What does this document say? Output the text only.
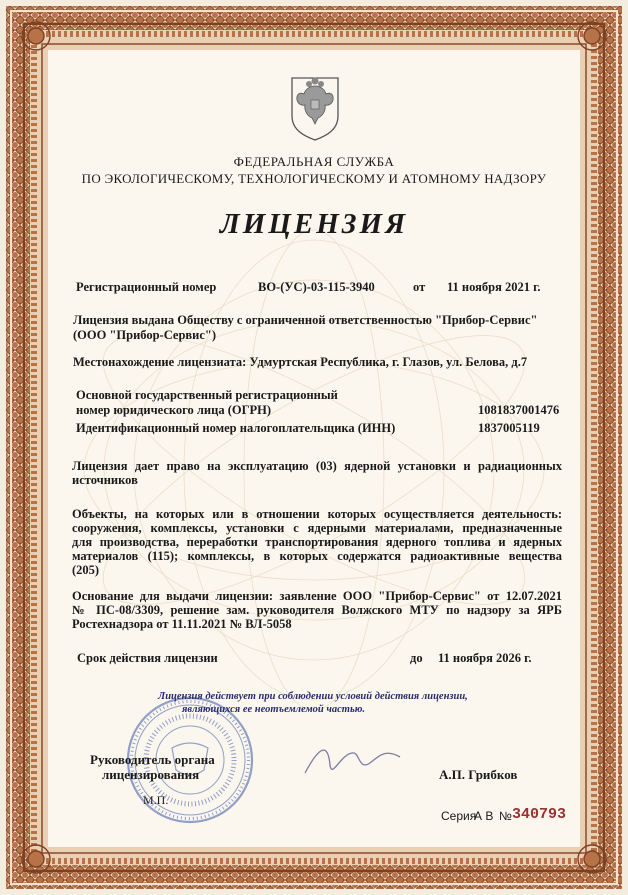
ФЕДЕРАЛЬНАЯ СЛУЖБА
ПО ЭКОЛОГИЧЕСКОМУ, ТЕХНОЛОГИЧЕСКОМУ И АТОМНОМУ НАДЗОРУ
ЛИЦЕНЗИЯ
Регистрационный номер	ВО-(УС)-03-115-3940	от 11 ноября 2021 г.
Лицензия выдана Обществу с ограниченной ответственностью "Прибор-Сервис"
(ООО "Прибор-Сервис")
Местонахождение лицензиата: Удмуртская Республика, г. Глазов, ул. Белова, д.7
Основной государственный регистрационный
номер юридического лица (ОГРН)	1081837001476
Идентификационный номер налогоплательщика (ИНН)	1837005119
Лицензия дает право на эксплуатацию (03) ядерной установки и радиационных
источников
Объекты, на которых или в отношении которых осуществляется деятельность:
сооружения, комплексы, установки с ядерными материалами, предназначенные
для производства, переработки транспортирования ядерного топлива и ядерных
материалов (115); комплексы, в которых содержатся радиоактивные вещества
(205)
Основание для выдачи лицензии: заявление ООО "Прибор-Сервис" от 12.07.2021
№ ПС-08/3309, решение зам. руководителя Волжского МТУ по надзору за ЯРБ
Ростехнадзора от 11.11.2021 № ВЛ-5058
Срок действия лицензии	до 11 ноября 2026 г.
Лицензия действует при соблюдении условий действия лицензии,
являющихся ее неотъемлемой частью.
Руководитель органа
лицензирования
М.П.
А.П. Грибков
Серия
А В № 340793
